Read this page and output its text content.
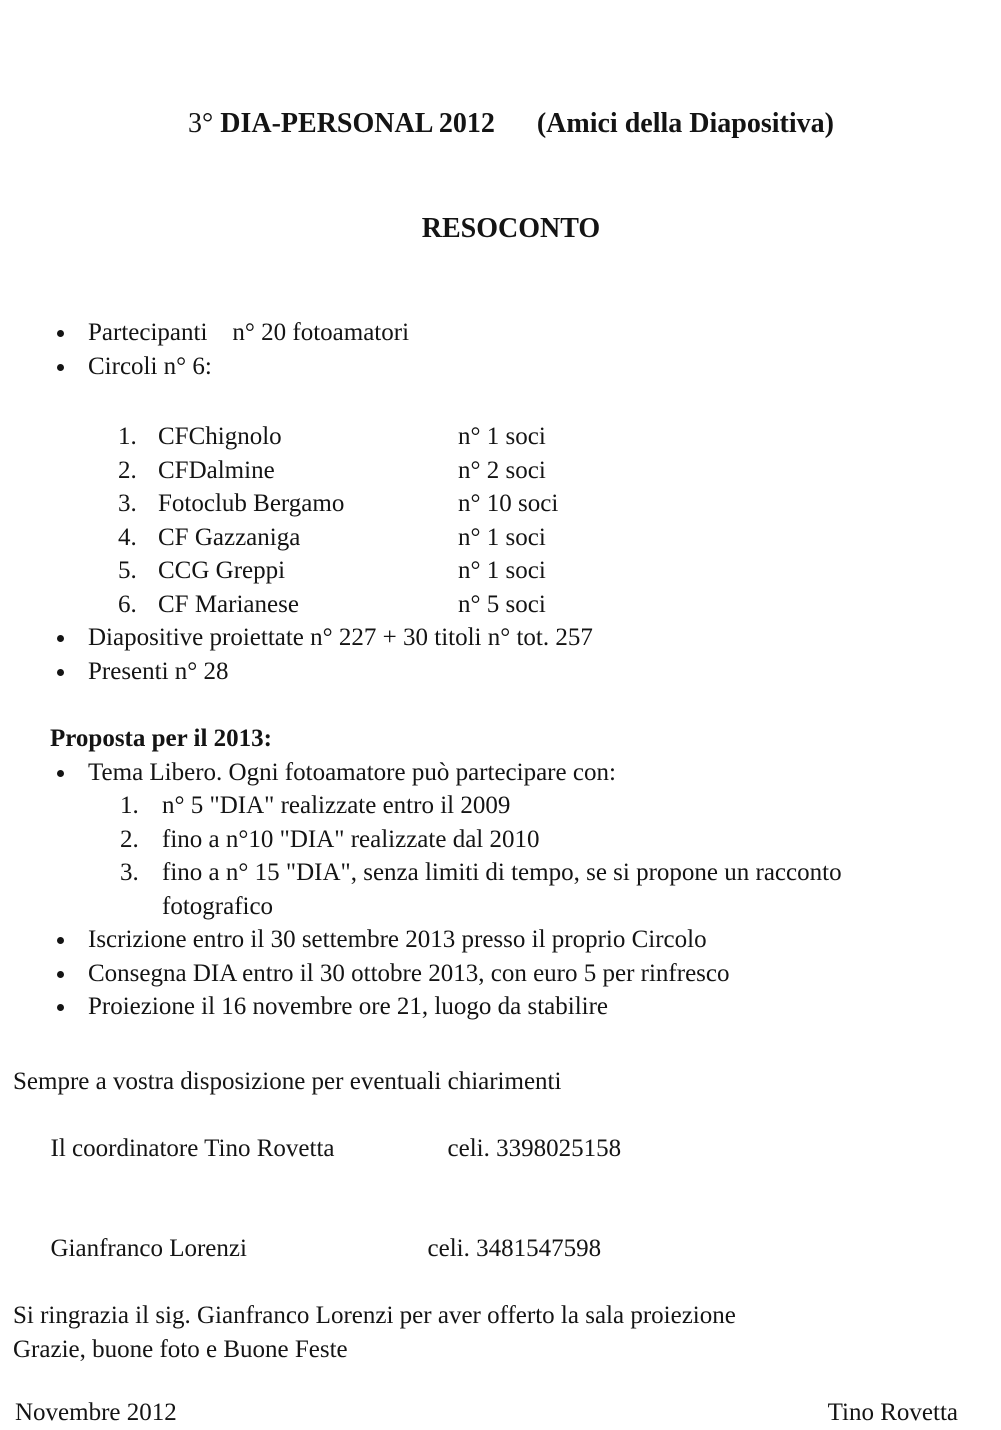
3° DIA-PERSONAL 2012 (Amici della Diapositiva)

RESOCONTO

Partecipanti    n° 20 fotoamatori
Circoli n° 6:
1. CFChignolo	n° 1 soci
2. CFDalmine	n° 2 soci
3. Fotoclub Bergamo	n° 10 soci
4. CF Gazzaniga	n° 1 soci
5. CCG Greppi	n° 1 soci
6. CF Marianese	n° 5 soci
Diapositive proiettate n° 227 + 30 titoli n° tot. 257
Presenti n° 28
Proposta per il 2013:
Tema Libero. Ogni fotoamatore può partecipare con:
1. n° 5 "DIA" realizzate entro il 2009
2. fino a n°10 "DIA" realizzate dal 2010
3. fino a n° 15 "DIA", senza limiti di tempo, se si propone un racconto fotografico
Iscrizione entro il 30 settembre 2013 presso il proprio Circolo
Consegna DIA entro il 30 ottobre 2013, con euro 5 per rinfresco
Proiezione il 16 novembre ore 21, luogo da stabilire
Sempre a vostra disposizione per eventuali chiarimenti

Il coordinatore Tino Rovetta	celi. 3398025158

Gianfranco Lorenzi	celi. 3481547598

Si ringrazia il sig. Gianfranco Lorenzi per aver offerto la sala proiezione
Grazie, buone foto e Buone Feste
Novembre 2012	Tino Rovetta
